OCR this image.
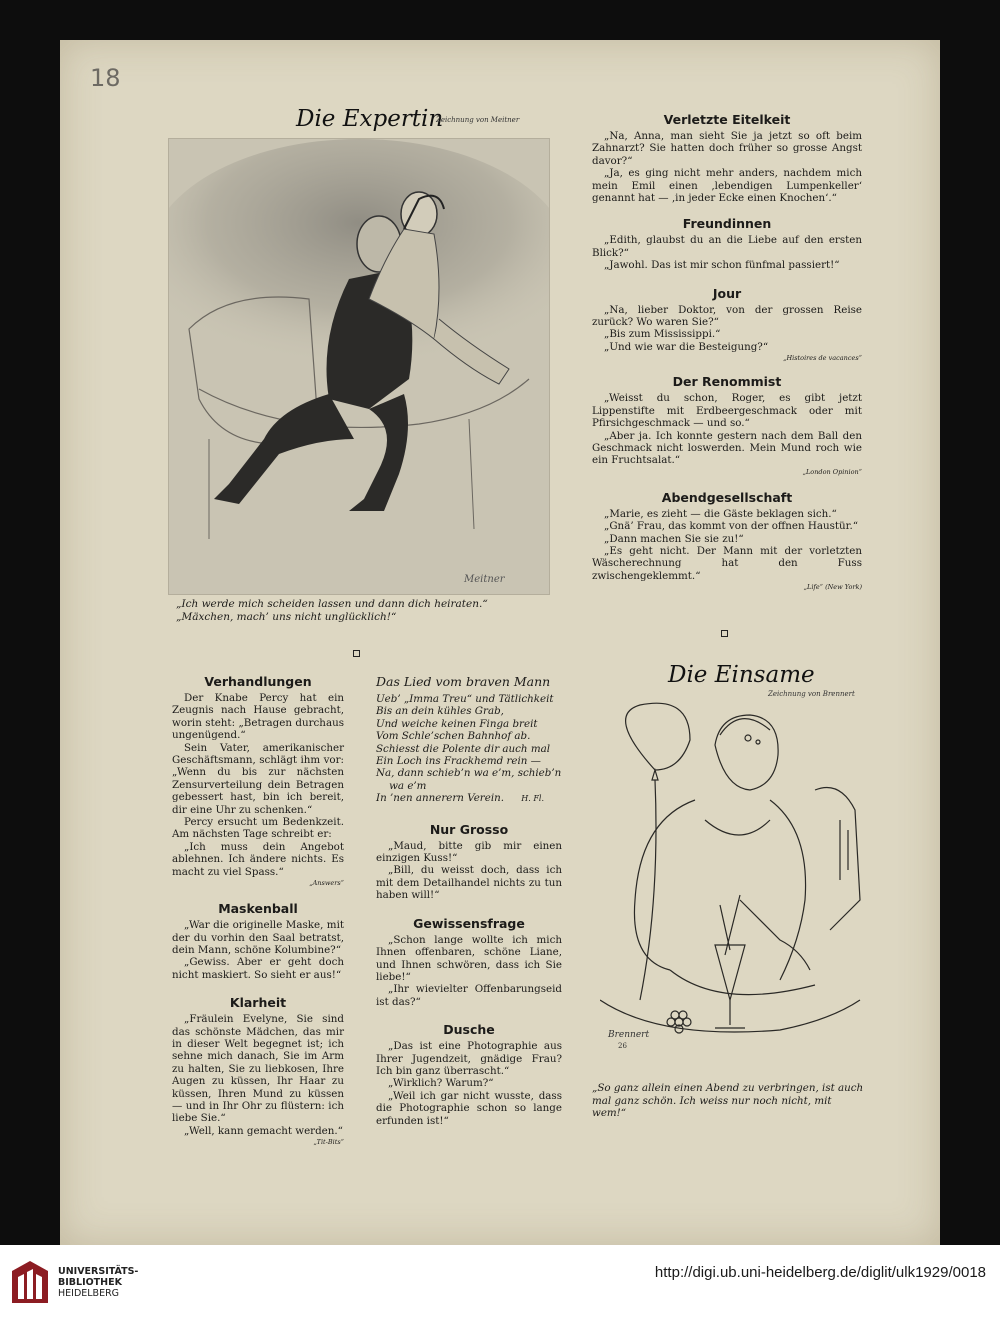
18
Die Expertin
Zeichnung von Meitner
Meitner
„Ich werde mich scheiden lassen und dann dich heiraten.“
„Mäxchen, mach’ uns nicht unglücklich!“
Verletzte Eitelkeit

„Na, Anna, man sieht Sie ja jetzt so oft beim Zahnarzt? Sie hatten doch früher so grosse Angst davor?“

„Ja, es ging nicht mehr anders, nachdem mich mein Emil einen ‚lebendigen Lumpenkeller‘ genannt hat — ‚in jeder Ecke einen Knochen‘.“

Freundinnen

„Edith, glaubst du an die Liebe auf den ersten Blick?“

„Jawohl. Das ist mir schon fünfmal passiert!“

Jour

„Na, lieber Doktor, von der grossen Reise zurück? Wo waren Sie?“

„Bis zum Mississippi.“

„Und wie war die Besteigung?“

„Histoires de vacances“
Der Renommist

„Weisst du schon, Roger, es gibt jetzt Lippenstifte mit Erdbeergeschmack oder mit Pfirsichgeschmack — und so.“

„Aber ja. Ich konnte gestern nach dem Ball den Geschmack nicht loswerden. Mein Mund roch wie ein Fruchtsalat.“

„London Opinion“
Abendgesellschaft

„Marie, es zieht — die Gäste beklagen sich.“

„Gnä’ Frau, das kommt von der offnen Haustür.“

„Dann machen Sie sie zu!“

„Es geht nicht. Der Mann mit der vorletzten Wäscherechnung hat den Fuss zwischengeklemmt.“

„Life“ (New York)
Verhandlungen

Der Knabe Percy hat ein Zeugnis nach Hause gebracht, worin steht: „Betragen durchaus ungenügend.“

Sein Vater, amerikanischer Geschäftsmann, schlägt ihm vor: „Wenn du bis zur nächsten Zensurverteilung dein Betragen gebessert hast, bin ich bereit, dir eine Uhr zu schenken.“

Percy ersucht um Bedenkzeit. Am nächsten Tage schreibt er:

„Ich muss dein Angebot ablehnen. Ich ändere nichts. Es macht zu viel Spass.“

„Answers“
Maskenball

„War die originelle Maske, mit der du vorhin den Saal betratst, dein Mann, schöne Kolumbine?“

„Gewiss. Aber er geht doch nicht maskiert. So sieht er aus!“

Klarheit

„Fräulein Evelyne, Sie sind das schönste Mädchen, das mir in dieser Welt begegnet ist; ich sehne mich danach, Sie im Arm zu halten, Sie zu liebkosen, Ihre Augen zu küssen, Ihr Haar zu küssen, Ihren Mund zu küssen — und in Ihr Ohr zu flüstern: ich liebe Sie.“

„Well, kann gemacht werden.“

„Tit-Bits“
Das Lied vom braven Mann

Ueb’ „Imma Treu“ und Tätlichkeit

Bis an dein kühles Grab,

Und weiche keinen Finga breit

Vom Schle’schen Bahnhof ab.

Schiesst die Polente dir auch mal

Ein Loch ins Frackhemd rein —

Na, dann schieb’n wa e’m, schieb’n

wa e’m

In ’nen annerern Verein. H. Fl.

Nur Grosso

„Maud, bitte gib mir einen einzigen Kuss!“

„Bill, du weisst doch, dass ich mit dem Detailhandel nichts zu tun haben will!“

Gewissensfrage

„Schon lange wollte ich mich Ihnen offenbaren, schöne Liane, und Ihnen schwören, dass ich Sie liebe!“

„Ihr wievielter Offenbarungseid ist das?“

Dusche

„Das ist eine Photographie aus Ihrer Jugendzeit, gnädige Frau? Ich bin ganz überrascht.“

„Wirklich? Warum?“

„Weil ich gar nicht wusste, dass die Photographie schon so lange erfunden ist!“

Die Einsame
Zeichnung von Brennert
Brennert
26
„So ganz allein einen Abend zu verbringen, ist auch mal ganz schön. Ich weiss nur noch nicht, mit wem!“
UNIVERSITÄTS-
BIBLIOTHEK
HEIDELBERG
http://digi.ub.uni-heidelberg.de/diglit/ulk1929/0018
